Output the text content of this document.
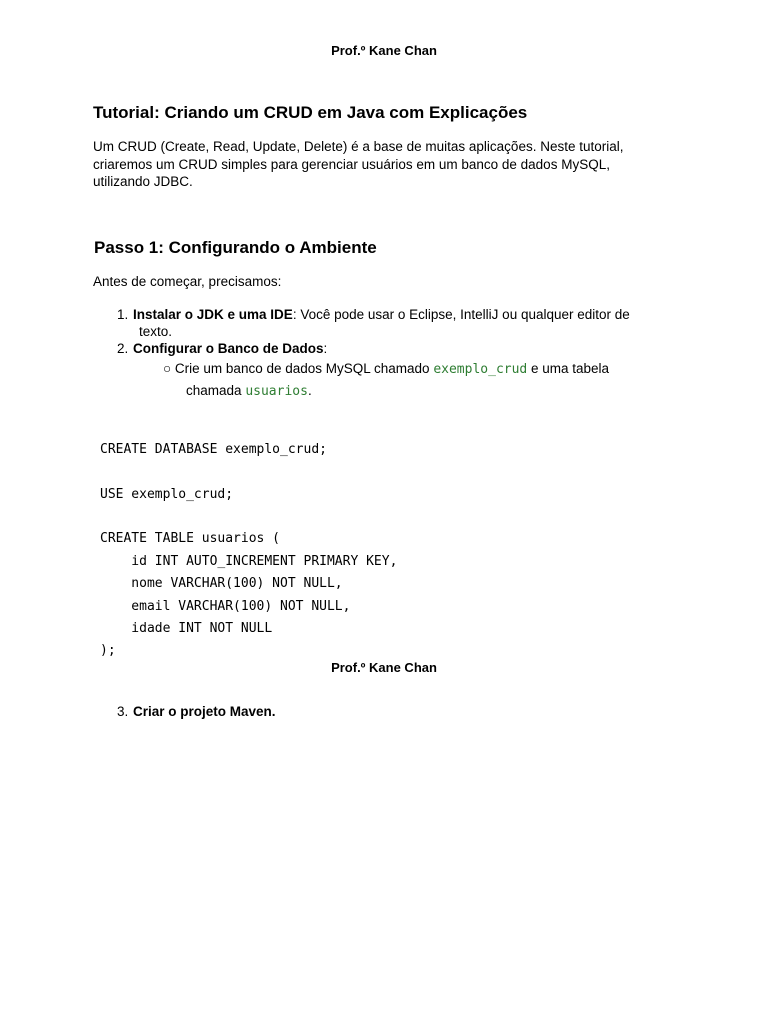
Prof.º Kane Chan
Tutorial: Criando um CRUD em Java com Explicações
Um CRUD (Create, Read, Update, Delete) é a base de muitas aplicações. Neste tutorial, criaremos um CRUD simples para gerenciar usuários em um banco de dados MySQL, utilizando JDBC.
Passo 1: Configurando o Ambiente
Antes de começar, precisamos:
1. Instalar o JDK e uma IDE: Você pode usar o Eclipse, IntelliJ ou qualquer editor de
texto.
2. Configurar o Banco de Dados:
○ Crie um banco de dados MySQL chamado exemplo_crud e uma tabela
chamada usuarios.
CREATE DATABASE exemplo_crud;
USE exemplo_crud;
CREATE TABLE usuarios (
id INT AUTO_INCREMENT PRIMARY KEY,
nome VARCHAR(100) NOT NULL,
email VARCHAR(100) NOT NULL,
idade INT NOT NULL
);
Prof.º Kane Chan
3. Criar o projeto Maven.
